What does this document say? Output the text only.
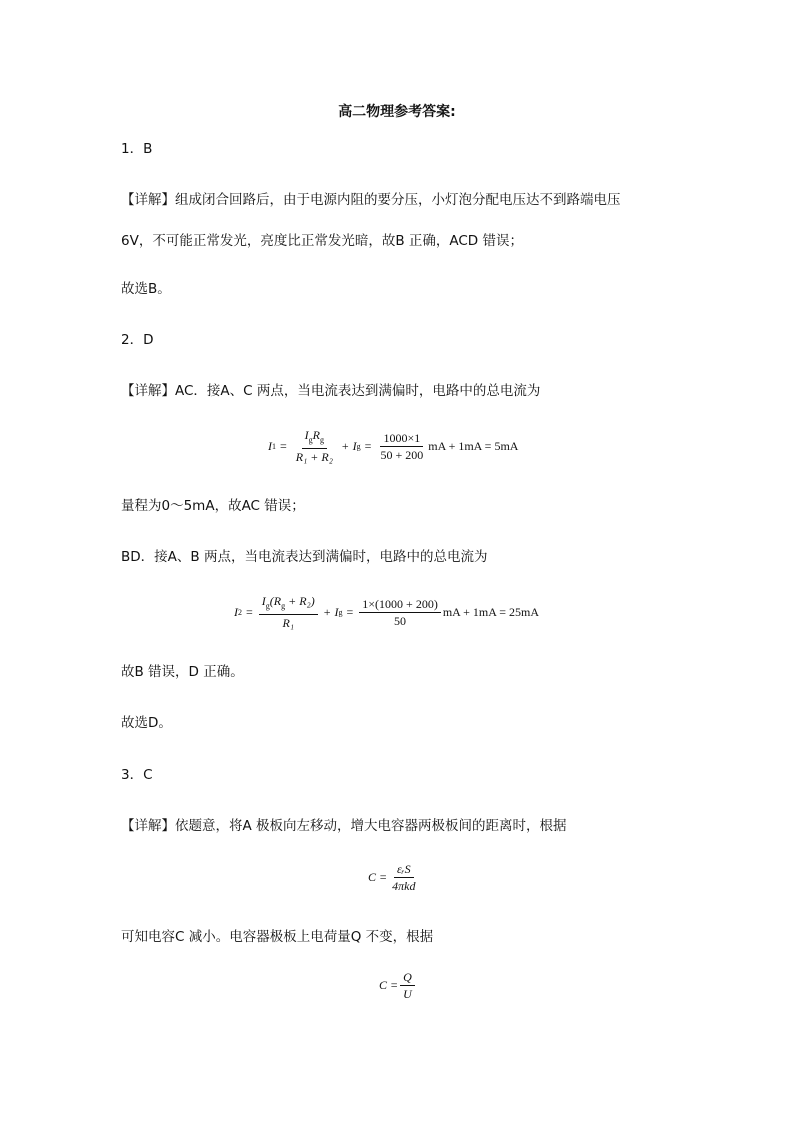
高二物理参考答案:
1．B
【详解】组成闭合回路后，由于电源内阻的要分压，小灯泡分配电压达不到路端电压
6V，不可能正常发光，亮度比正常发光暗，故B 正确，ACD 错误；
故选B。
2．D
【详解】AC．接A、C 两点，当电流表达到满偏时，电路中的总电流为
I $1 = \frac{I_gR_g}{\text{R₁ + R₂}} + I$ $g = \frac{1000\times 1}{50 + 200}$ mA + 1mA = 5mA
量程为0～5mA，故AC 错误；
BD．接A、B 两点，当电流表达到满偏时，电路中的总电流为
I $2 = \frac{I_g(R_g + R_2)}{\text{R₁}} + I$ $g = \frac{1\times(1000 + 200)}{50}$ mA + 1mA = 25mA
故B 错误，D 正确。
故选D。
3．C
【详解】依题意，将A 极板向左移动，增大电容器两极板间的距离时，根据
$C = \frac{\text{εᵣS}}{\text{4πkd}}$
可知电容C 减小。电容器极板上电荷量Q 不变，根据
$C = \frac{Q}{U}$
